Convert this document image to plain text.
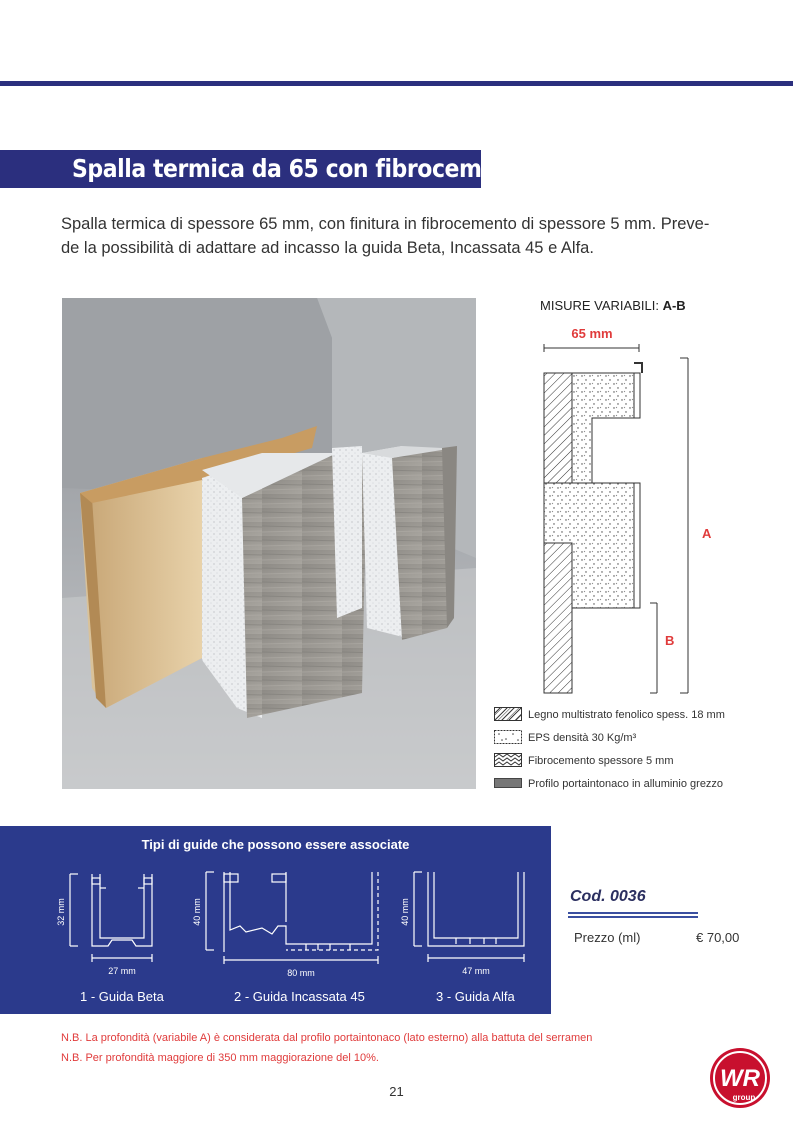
Spalla termica da 65 con fibrocemento
Spalla termica di spessore 65 mm, con finitura in fibrocemento di spessore 5 mm. Preve-
de la possibilità di adattare ad incasso la guida Beta, Incassata 45 e Alfa.
MISURE VARIABILI: A-B
65 mm
A
B
Legno multistrato fenolico spess. 18 mm
EPS densità 30 Kg/m³
Fibrocemento spessore 5 mm
Profilo portaintonaco in alluminio grezzo
Tipi di guide che possono essere associate
32 mm
27 mm
40 mm
80 mm
40 mm
47 mm
1 - Guida Beta	2 - Guida Incassata 45	3 - Guida Alfa
Cod. 0036
Prezzo (ml)	€ 70,00
N.B. La profondità (variabile A) è considerata dal profilo portaintonaco (lato esterno) alla battuta del serramen
N.B. Per profondità maggiore di 350 mm maggiorazione del 10%.
21	WR
group
